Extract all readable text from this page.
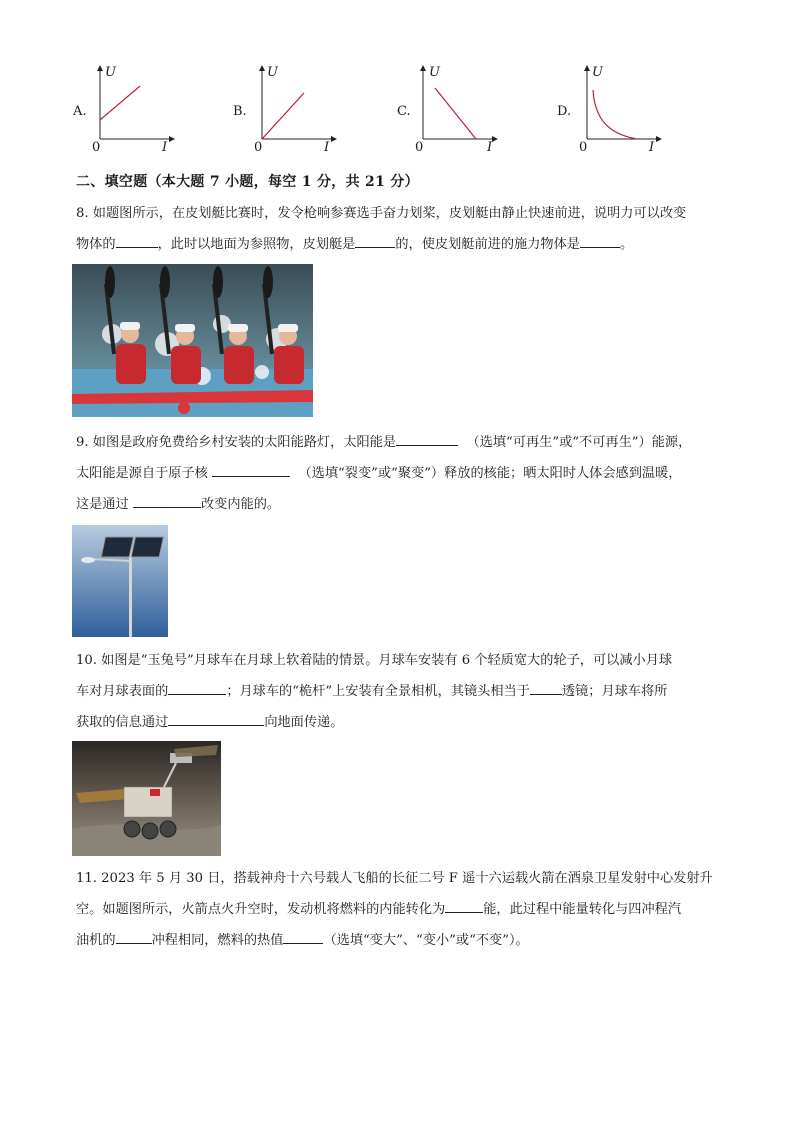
A.
U
I
0
B.
U
I
0
C.
U
I
0
D.
U
I
0
二、填空题（本大题 7 小题，每空 1 分，共 21 分）
8. 如题图所示，在皮划艇比赛时，发令枪响参赛选手奋力划桨，皮划艇由静止快速前进，说明力可以改变
物体的	，此时以地面为参照物，皮划艇是	的，使皮划艇前进的施力物体是	。
9. 如图是政府免费给乡村安装的太阳能路灯，太阳能是	（选填“可再生”或“不可再生”）能源，
太阳能是源自于原子核	（选填“裂变”或“聚变”）释放的核能；晒太阳时人体会感到温暖，
这是通过	改变内能的。
10. 如图是“玉兔号”月球车在月球上软着陆的情景。月球车安装有 6 个轻质宽大的轮子，可以减小月球
车对月球表面的	；月球车的“桅杆”上安装有全景相机，其镜头相当于 透镜；月球车将所
获取的信息通过	向地面传递。
11. 2023 年 5 月 30 日，搭载神舟十六号载人飞船的长征二号 F 遥十六运载火箭在酒泉卫星发射中心发射升
空。如题图所示，火箭点火升空时，发动机将燃料的内能转化为	能，此过程中能量转化与四冲程汽
油机的	冲程相同，燃料的热值	（选填“变大”、“变小”或“不变”）。
